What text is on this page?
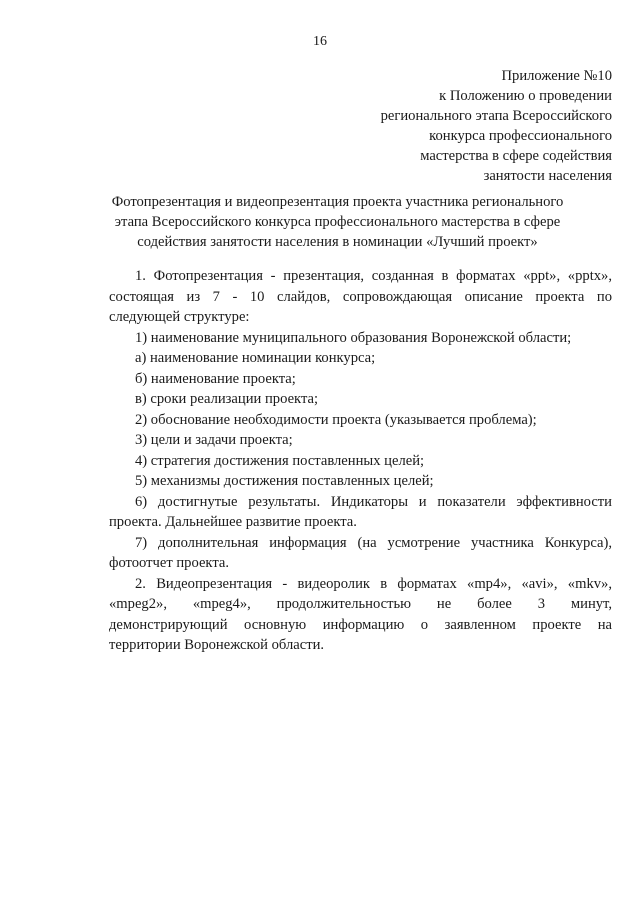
16
Приложение №10
к Положению о проведении
регионального этапа Всероссийского
конкурса профессионального
мастерства в сфере содействия
занятости населения
Фотопрезентация и видеопрезентация проекта участника регионального
этапа Всероссийского конкурса профессионального мастерства в сфере
содействия занятости населения в номинации «Лучший проект»
1. Фотопрезентация - презентация, созданная в форматах «ppt», «pptx»,
состоящая из 7 - 10 слайдов, сопровождающая описание проекта по
следующей структуре:
1) наименование муниципального образования Воронежской области;
а) наименование номинации конкурса;
б) наименование проекта;
в) сроки реализации проекта;
2) обоснование необходимости проекта (указывается проблема);
3) цели и задачи проекта;
4) стратегия достижения поставленных целей;
5) механизмы достижения поставленных целей;
6) достигнутые результаты. Индикаторы и показатели эффективности
проекта. Дальнейшее развитие проекта.
7) дополнительная информация (на усмотрение участника Конкурса),
фотоотчет проекта.
2. Видеопрезентация - видеоролик в форматах «mp4», «avi», «mkv»,
«mpeg2», «mpeg4», продолжительностью не более 3 минут,
демонстрирующий основную информацию о заявленном проекте на
территории Воронежской области.
